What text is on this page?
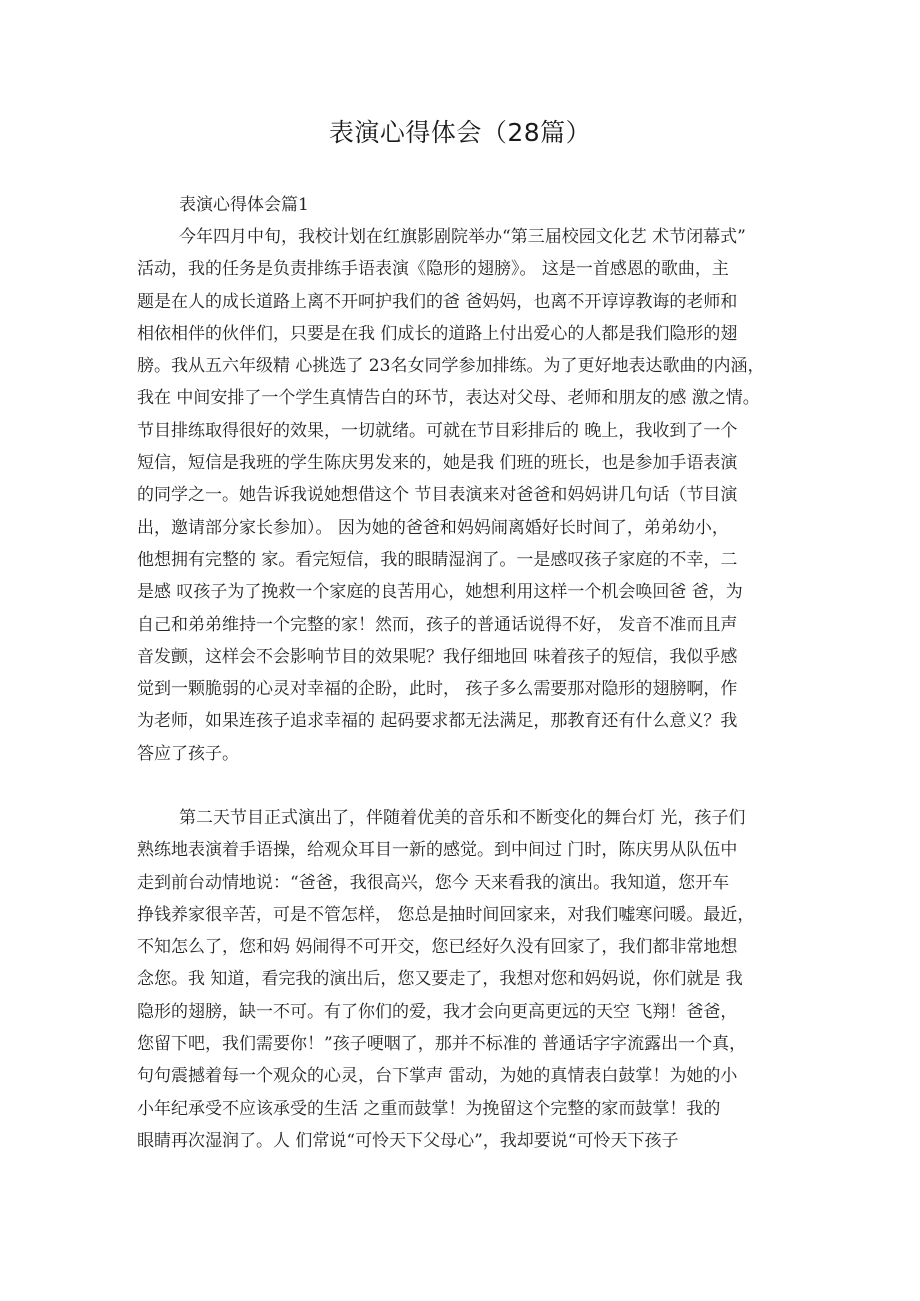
表演心得体会（28篇）
表演心得体会篇1
今年四月中旬，我校计划在红旗影剧院举办“第三届校园文化艺 术节闭幕式”
活动，我的任务是负责排练手语表演《隐形的翅膀》。 这是一首感恩的歌曲，主
题是在人的成长道路上离不开呵护我们的爸 爸妈妈，也离不开谆谆教诲的老师和
相依相伴的伙伴们，只要是在我 们成长的道路上付出爱心的人都是我们隐形的翅
膀。我从五六年级精 心挑选了 23名女同学参加排练。为了更好地表达歌曲的内涵，
我在 中间安排了一个学生真情告白的环节，表达对父母、老师和朋友的感 激之情。
节目排练取得很好的效果，一切就绪。可就在节目彩排后的 晚上，我收到了一个
短信，短信是我班的学生陈庆男发来的，她是我 们班的班长，也是参加手语表演
的同学之一。她告诉我说她想借这个 节目表演来对爸爸和妈妈讲几句话（节目演
出，邀请部分家长参加）。 因为她的爸爸和妈妈闹离婚好长时间了，弟弟幼小，
他想拥有完整的 家。看完短信，我的眼睛湿润了。一是感叹孩子家庭的不幸，二
是感 叹孩子为了挽救一个家庭的良苦用心，她想利用这样一个机会唤回爸 爸，为
自己和弟弟维持一个完整的家！然而，孩子的普通话说得不好， 发音不准而且声
音发颤，这样会不会影响节目的效果呢？我仔细地回 味着孩子的短信，我似乎感
觉到一颗脆弱的心灵对幸福的企盼，此时， 孩子多么需要那对隐形的翅膀啊，作
为老师，如果连孩子追求幸福的 起码要求都无法满足，那教育还有什么意义？我
答应了孩子。
第二天节目正式演出了，伴随着优美的音乐和不断变化的舞台灯 光，孩子们
熟练地表演着手语操，给观众耳目一新的感觉。到中间过 门时，陈庆男从队伍中
走到前台动情地说：“爸爸，我很高兴，您今 天来看我的演出。我知道，您开车
挣钱养家很辛苦，可是不管怎样， 您总是抽时间回家来，对我们嘘寒问暖。最近，
不知怎么了，您和妈 妈闹得不可开交，您已经好久没有回家了，我们都非常地想
念您。我 知道，看完我的演出后，您又要走了，我想对您和妈妈说，你们就是 我
隐形的翅膀，缺一不可。有了你们的爱，我才会向更高更远的天空 飞翔！爸爸，
您留下吧，我们需要你！”孩子哽咽了，那并不标准的 普通话字字流露出一个真，
句句震撼着每一个观众的心灵，台下掌声 雷动，为她的真情表白鼓掌！为她的小
小年纪承受不应该承受的生活 之重而鼓掌！为挽留这个完整的家而鼓掌！我的
眼睛再次湿润了。人 们常说“可怜天下父母心”，我却要说“可怜天下孩子
